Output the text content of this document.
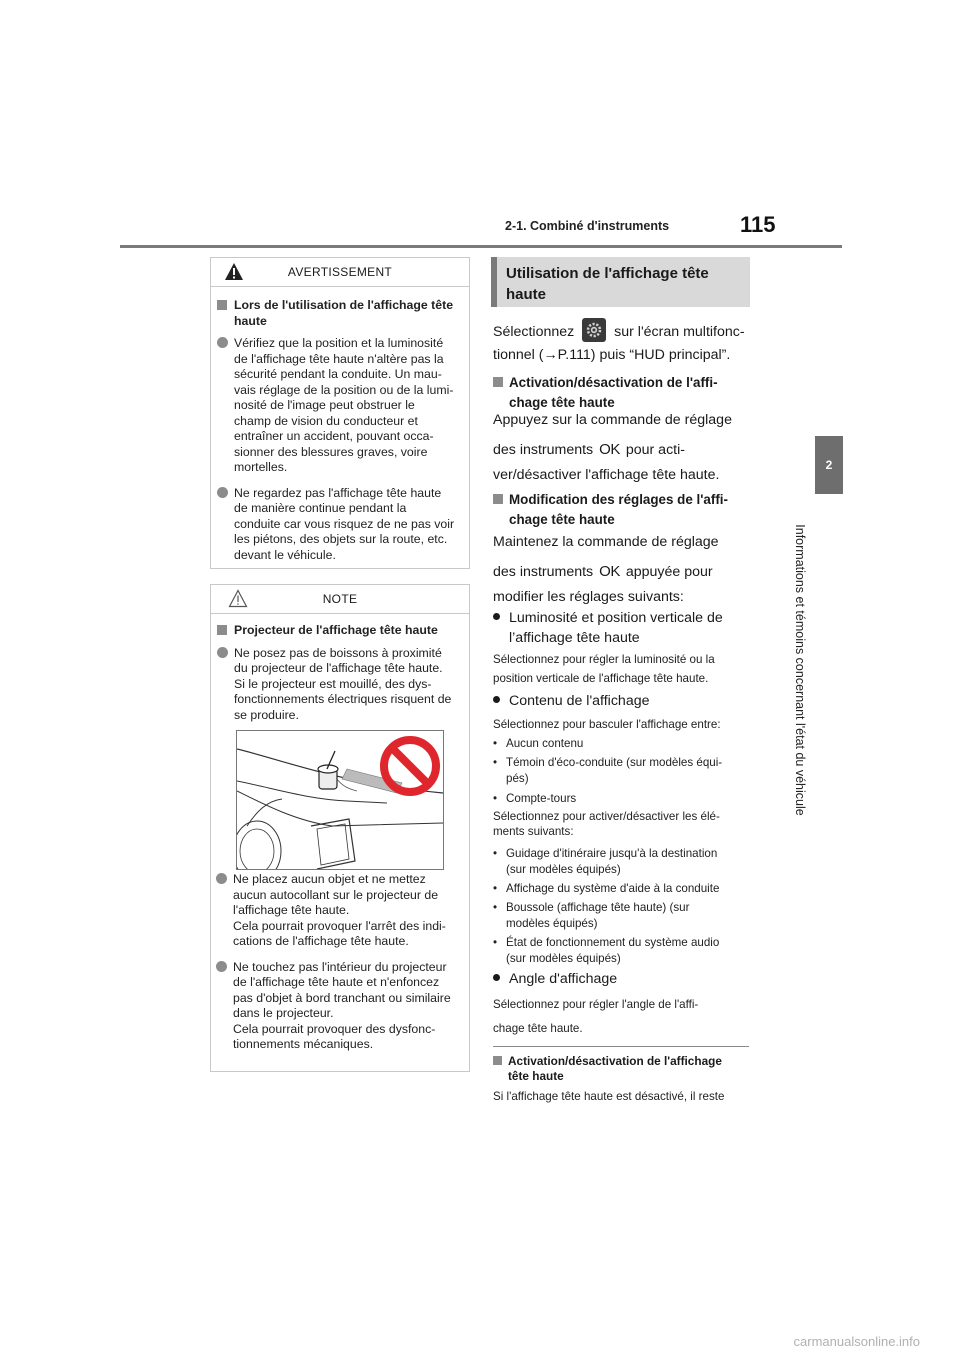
2-1. Combiné d'instruments	115
2
Informations et témoins concernant l'état du véhicule
AVERTISSEMENT
Lors de l'utilisation de l'affichage tête
haute
Vérifiez que la position et la luminosité
de l'affichage tête haute n'altère pas la
sécurité pendant la conduite. Un mau-
vais réglage de la position ou de la lumi-
nosité de l'image peut obstruer le
champ de vision du conducteur et
entraîner un accident, pouvant occa-
sionner des blessures graves, voire
mortelles.
Ne regardez pas l'affichage tête haute
de manière continue pendant la
conduite car vous risquez de ne pas voir
les piétons, des objets sur la route, etc.
devant le véhicule.
NOTE
Projecteur de l'affichage tête haute
Ne posez pas de boissons à proximité
du projecteur de l'affichage tête haute.
Si le projecteur est mouillé, des dys-
fonctionnements électriques risquent de
se produire.
Ne placez aucun objet et ne mettez
aucun autocollant sur le projecteur de
l'affichage tête haute.
Cela pourrait provoquer l'arrêt des indi-
cations de l'affichage tête haute.
Ne touchez pas l'intérieur du projecteur
de l'affichage tête haute et n'enfoncez
pas d'objet à bord tranchant ou similaire
dans le projecteur.
Cela pourrait provoquer des dysfonc-
tionnements mécaniques.
Utilisation de l'affichage tête
haute
Sélectionnez	sur l'écran multifonc-
tionnel (→P.111) puis “HUD principal”.
Activation/désactivation de l'affi-
chage tête haute
Appuyez sur la commande de réglage
des instruments OK pour acti-
ver/désactiver l'affichage tête haute.
Modification des réglages de l'affi-
chage tête haute
Maintenez la commande de réglage
des instruments OK appuyée pour
modifier les réglages suivants:
Luminosité et position verticale de
l’affichage tête haute
Sélectionnez pour régler la luminosité ou la
position verticale de l'affichage tête haute.
Contenu de l'affichage
Sélectionnez pour basculer l'affichage entre:
• Aucun contenu
• Témoin d'éco-conduite (sur modèles équi-
pés)
• Compte-tours
Sélectionnez pour activer/désactiver les élé-
ments suivants:
• Guidage d'itinéraire jusqu'à la destination
(sur modèles équipés)
• Affichage du système d'aide à la conduite
• Boussole (affichage tête haute) (sur
modèles équipés)
• État de fonctionnement du système audio
(sur modèles équipés)
Angle d'affichage
Sélectionnez pour régler l'angle de l'affi-
chage tête haute.
Activation/désactivation de l'affichage
tête haute
Si l'affichage tête haute est désactivé, il reste
carmanualsonline.info
